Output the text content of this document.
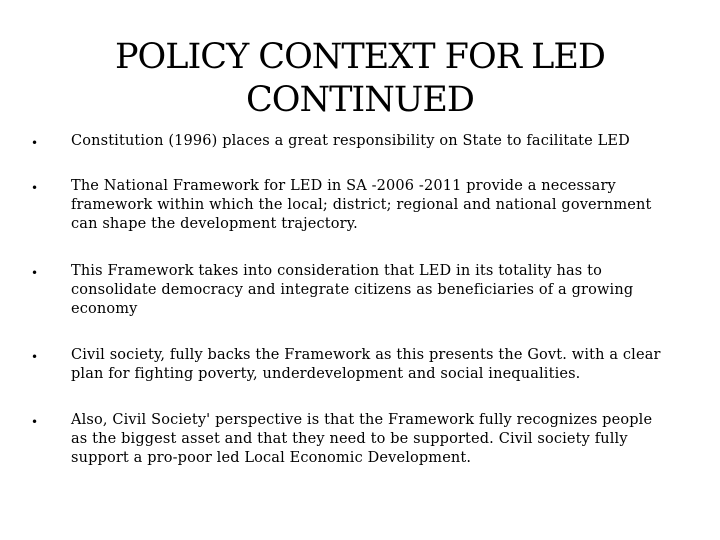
POLICY CONTEXT FOR LED
CONTINUED
• Constitution (1996) places a great responsibility on State to facilitate LED
• The National Framework for LED in SA -2006 -2011 provide a necessary
framework within which the local; district; regional and national government
can shape the development trajectory.
• This Framework takes into consideration that LED in its totality has to
consolidate democracy and integrate citizens as beneficiaries of a growing
economy
• Civil society, fully backs the Framework as this presents the Govt. with a clear
plan for fighting poverty, underdevelopment and social inequalities.
• Also, Civil Society' perspective is that the Framework fully recognizes people
as the biggest asset and that they need to be supported. Civil society fully
support a pro-poor led Local Economic Development.
